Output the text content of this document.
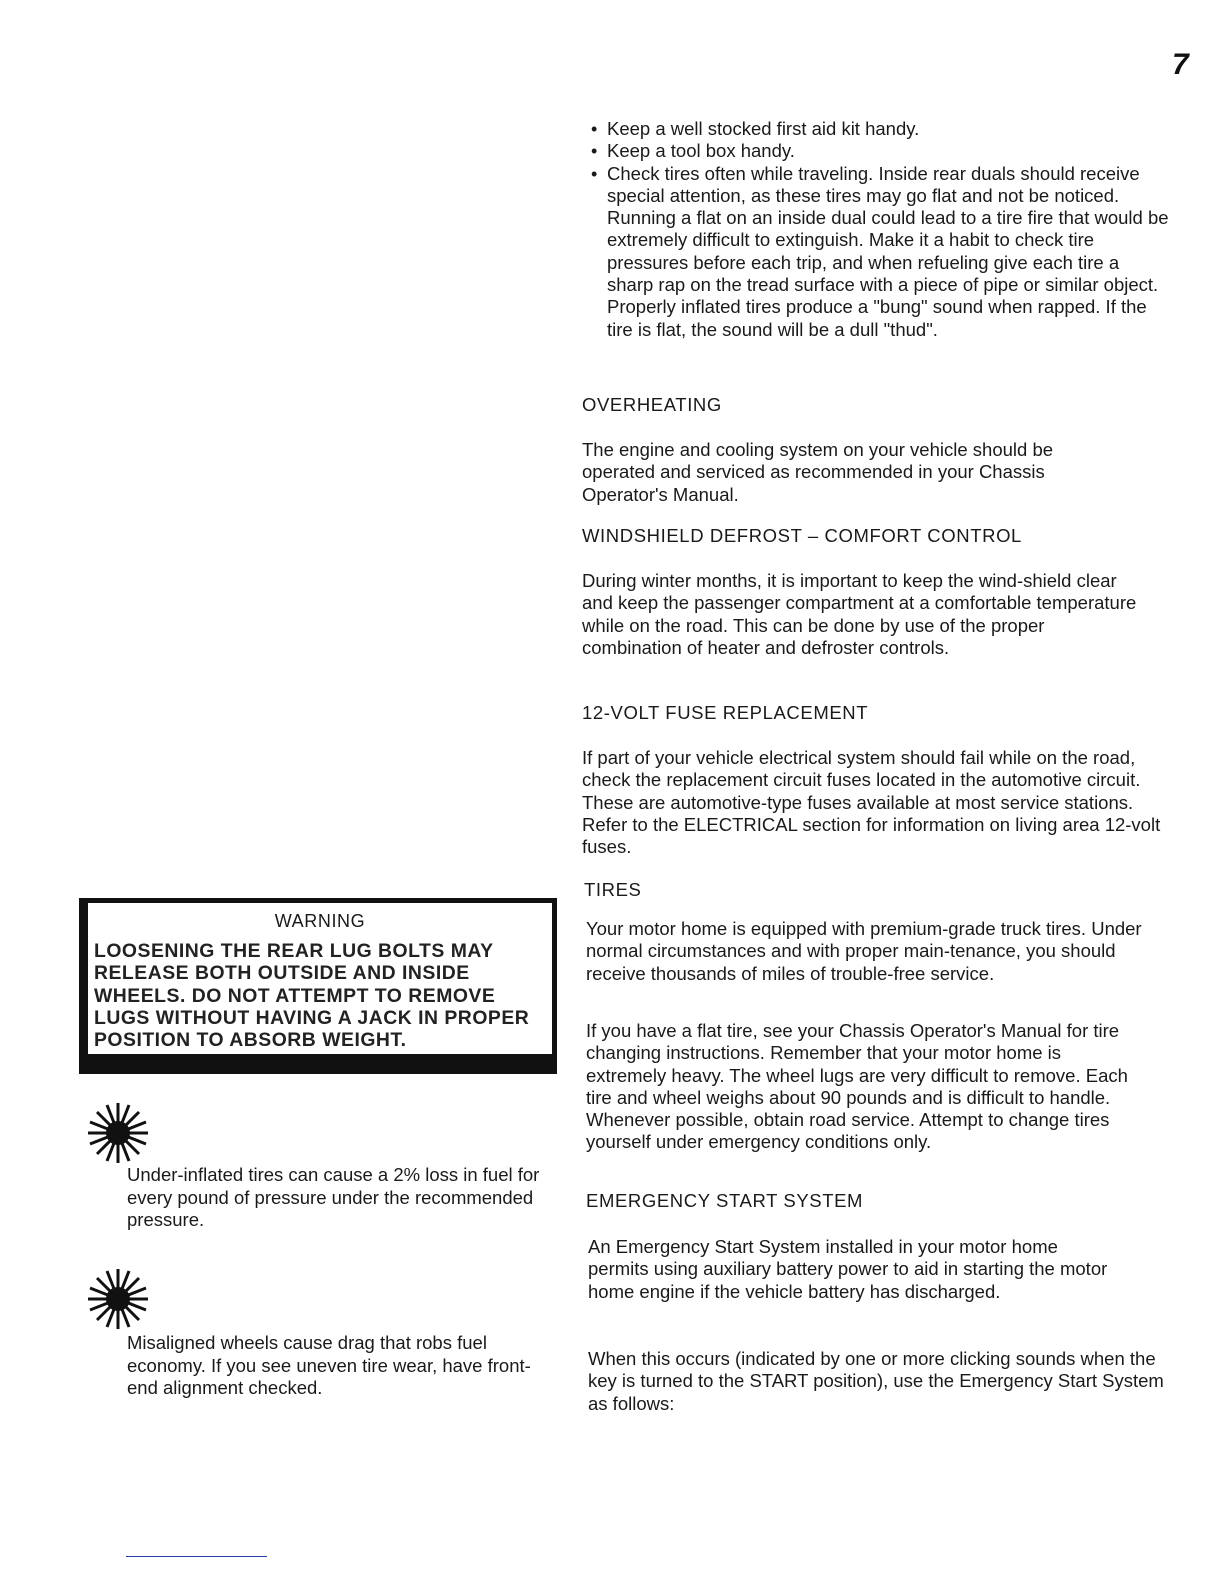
7
• Keep a well stocked first aid kit handy.
• Keep a tool box handy.
• Check tires often while traveling. Inside rear duals should receive special attention, as these tires may go flat and not be noticed. Running a flat on an inside dual could lead to a tire fire that would be extremely difficult to extinguish. Make it a habit to check tire pressures before each trip, and when refueling give each tire a sharp rap on the tread surface with a piece of pipe or similar object. Properly inflated tires produce a "bung" sound when rapped. If the tire is flat, the sound will be a dull "thud".
OVERHEATING

The engine and cooling system on your vehicle should be operated and serviced as recommended in your Chassis Operator's Manual.

WINDSHIELD DEFROST – COMFORT CONTROL

During winter months, it is important to keep the wind-shield clear and keep the passenger compartment at a comfortable temperature while on the road. This can be done by use of the proper combination of heater and defroster controls.

12-VOLT FUSE REPLACEMENT

If part of your vehicle electrical system should fail while on the road, check the replacement circuit fuses located in the automotive circuit. These are automotive-type fuses available at most service stations. Refer to the ELECTRICAL section for information on living area 12-volt fuses.

TIRES

Your motor home is equipped with premium-grade truck tires. Under normal circumstances and with proper main-tenance, you should receive thousands of miles of trouble-free service.

If you have a flat tire, see your Chassis Operator's Manual for tire changing instructions. Remember that your motor home is extremely heavy. The wheel lugs are very difficult to remove. Each tire and wheel weighs about 90 pounds and is difficult to handle. Whenever possible, obtain road service. Attempt to change tires yourself under emergency conditions only.

EMERGENCY START SYSTEM

An Emergency Start System installed in your motor home permits using auxiliary battery power to aid in starting the motor home engine if the vehicle battery has discharged.

When this occurs (indicated by one or more clicking sounds when the key is turned to the START position), use the Emergency Start System as follows:

WARNING
LOOSENING THE REAR LUG BOLTS MAY RELEASE BOTH OUTSIDE AND INSIDE WHEELS. DO NOT ATTEMPT TO REMOVE LUGS WITHOUT HAVING A JACK IN PROPER POSITION TO ABSORB WEIGHT.

Under-inflated tires can cause a 2% loss in fuel for every pound of pressure under the recommended pressure.

Misaligned wheels cause drag that robs fuel economy. If you see uneven tire wear, have front-end alignment checked.
